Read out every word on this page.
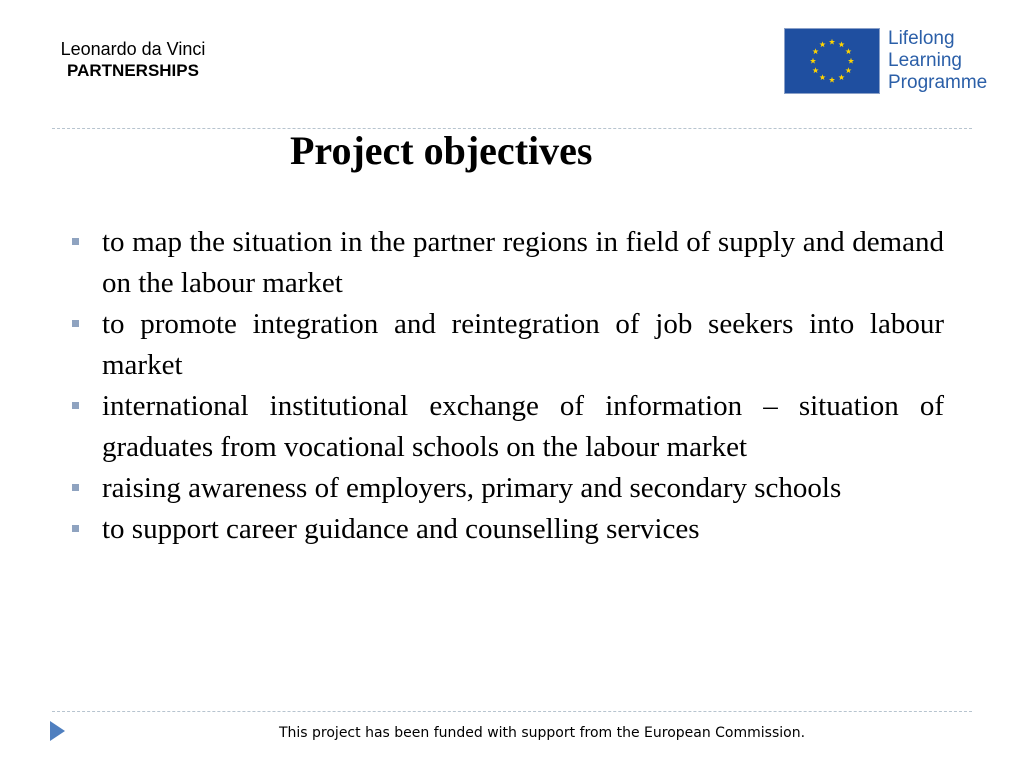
Leonardo da Vinci
PARTNERSHIPS
Lifelong
Learning
Programme
Project objectives
to map the situation in the partner regions in field of supply and demand on the labour market
to promote integration and reintegration of job seekers into labour market
international institutional exchange of information – situation of graduates from vocational schools on the labour market
raising awareness of employers, primary and secondary schools
to support career guidance and counselling services
This project has been funded with support from the European Commission.
